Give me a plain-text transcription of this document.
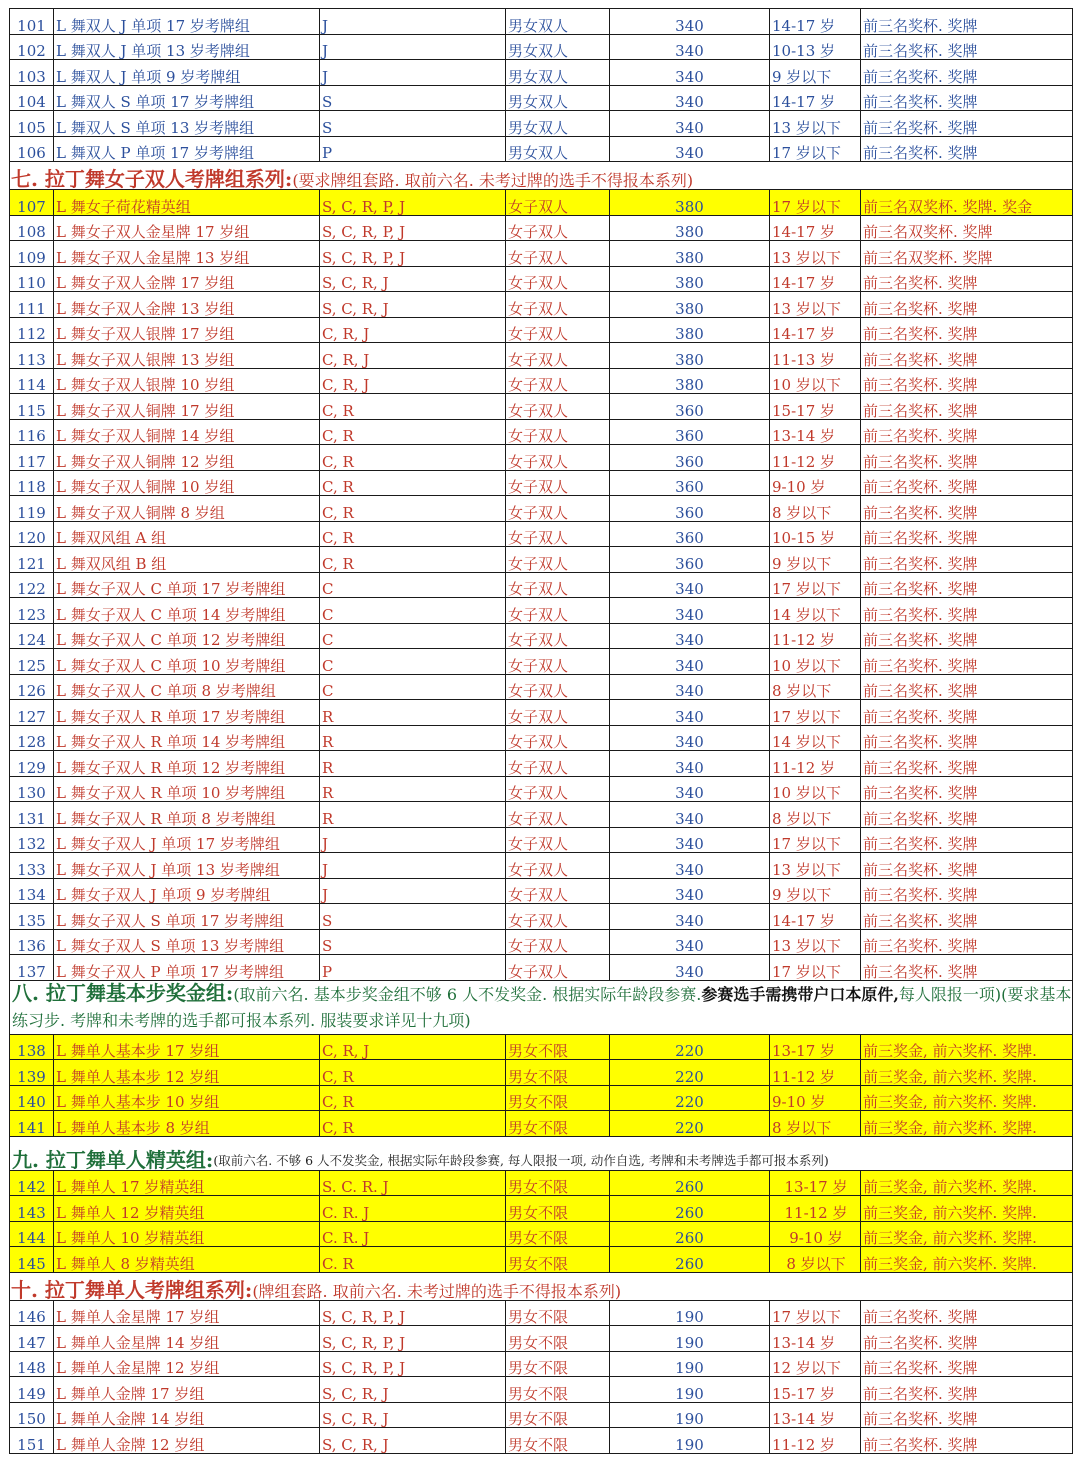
101	L 舞双人 J 单项 17 岁考牌组	J	男女双人	340	14-17 岁	前三名奖杯. 奖牌
102	L 舞双人 J 单项 13 岁考牌组	J	男女双人	340	10-13 岁	前三名奖杯. 奖牌
103	L 舞双人 J 单项 9 岁考牌组	J	男女双人	340	9 岁以下	前三名奖杯. 奖牌
104	L 舞双人 S 单项 17 岁考牌组	S	男女双人	340	14-17 岁	前三名奖杯. 奖牌
105	L 舞双人 S 单项 13 岁考牌组	S	男女双人	340	13 岁以下	前三名奖杯. 奖牌
106	L 舞双人 P 单项 17 岁考牌组	P	男女双人	340	17 岁以下	前三名奖杯. 奖牌
七. 拉丁舞女子双人考牌组系列:(要求牌组套路. 取前六名. 未考过牌的选手不得报本系列)						
107	L 舞女子荷花精英组	S, C, R, P, J	女子双人	380	17 岁以下	前三名双奖杯. 奖牌. 奖金
108	L 舞女子双人金星牌 17 岁组	S, C, R, P, J	女子双人	380	14-17 岁	前三名双奖杯. 奖牌
109	L 舞女子双人金星牌 13 岁组	S, C, R, P, J	女子双人	380	13 岁以下	前三名双奖杯. 奖牌
110	L 舞女子双人金牌 17 岁组	S, C, R, J	女子双人	380	14-17 岁	前三名奖杯. 奖牌
111	L 舞女子双人金牌 13 岁组	S, C, R, J	女子双人	380	13 岁以下	前三名奖杯. 奖牌
112	L 舞女子双人银牌 17 岁组	C, R, J	女子双人	380	14-17 岁	前三名奖杯. 奖牌
113	L 舞女子双人银牌 13 岁组	C, R, J	女子双人	380	11-13 岁	前三名奖杯. 奖牌
114	L 舞女子双人银牌 10 岁组	C, R, J	女子双人	380	10 岁以下	前三名奖杯. 奖牌
115	L 舞女子双人铜牌 17 岁组	C, R	女子双人	360	15-17 岁	前三名奖杯. 奖牌
116	L 舞女子双人铜牌 14 岁组	C, R	女子双人	360	13-14 岁	前三名奖杯. 奖牌
117	L 舞女子双人铜牌 12 岁组	C, R	女子双人	360	11-12 岁	前三名奖杯. 奖牌
118	L 舞女子双人铜牌 10 岁组	C, R	女子双人	360	9-10 岁	前三名奖杯. 奖牌
119	L 舞女子双人铜牌 8 岁组	C, R	女子双人	360	8 岁以下	前三名奖杯. 奖牌
120	L 舞双风组 A 组	C, R	女子双人	360	10-15 岁	前三名奖杯. 奖牌
121	L 舞双风组 B 组	C, R	女子双人	360	9 岁以下	前三名奖杯. 奖牌
122	L 舞女子双人 C 单项 17 岁考牌组	C	女子双人	340	17 岁以下	前三名奖杯. 奖牌
123	L 舞女子双人 C 单项 14 岁考牌组	C	女子双人	340	14 岁以下	前三名奖杯. 奖牌
124	L 舞女子双人 C 单项 12 岁考牌组	C	女子双人	340	11-12 岁	前三名奖杯. 奖牌
125	L 舞女子双人 C 单项 10 岁考牌组	C	女子双人	340	10 岁以下	前三名奖杯. 奖牌
126	L 舞女子双人 C 单项 8 岁考牌组	C	女子双人	340	8 岁以下	前三名奖杯. 奖牌
127	L 舞女子双人 R 单项 17 岁考牌组	R	女子双人	340	17 岁以下	前三名奖杯. 奖牌
128	L 舞女子双人 R 单项 14 岁考牌组	R	女子双人	340	14 岁以下	前三名奖杯. 奖牌
129	L 舞女子双人 R 单项 12 岁考牌组	R	女子双人	340	11-12 岁	前三名奖杯. 奖牌
130	L 舞女子双人 R 单项 10 岁考牌组	R	女子双人	340	10 岁以下	前三名奖杯. 奖牌
131	L 舞女子双人 R 单项 8 岁考牌组	R	女子双人	340	8 岁以下	前三名奖杯. 奖牌
132	L 舞女子双人 J 单项 17 岁考牌组	J	女子双人	340	17 岁以下	前三名奖杯. 奖牌
133	L 舞女子双人 J 单项 13 岁考牌组	J	女子双人	340	13 岁以下	前三名奖杯. 奖牌
134	L 舞女子双人 J 单项 9 岁考牌组	J	女子双人	340	9 岁以下	前三名奖杯. 奖牌
135	L 舞女子双人 S 单项 17 岁考牌组	S	女子双人	340	14-17 岁	前三名奖杯. 奖牌
136	L 舞女子双人 S 单项 13 岁考牌组	S	女子双人	340	13 岁以下	前三名奖杯. 奖牌
137	L 舞女子双人 P 单项 17 岁考牌组	P	女子双人	340	17 岁以下	前三名奖杯. 奖牌
八. 拉丁舞基本步奖金组:(取前六名. 基本步奖金组不够 6 人不发奖金. 根据实际年龄段参赛.参赛选手需携带户口本原件,每人限报一项)(要求基本练习步. 考牌和未考牌的选手都可报本系列. 服装要求详见十九项)						
138	L 舞单人基本步 17 岁组	C, R, J	男女不限	220	13-17 岁	前三奖金, 前六奖杯. 奖牌.
139	L 舞单人基本步 12 岁组	C, R	男女不限	220	11-12 岁	前三奖金, 前六奖杯. 奖牌.
140	L 舞单人基本步 10 岁组	C, R	男女不限	220	9-10 岁	前三奖金, 前六奖杯. 奖牌.
141	L 舞单人基本步 8 岁组	C, R	男女不限	220	8 岁以下	前三奖金, 前六奖杯. 奖牌.
九. 拉丁舞单人精英组:$^{(取前六名. 不够 6 人不发奖金, 根据实际年龄段参赛, 每人限报一项, 动作自选, 考牌和未考牌选手都可报本系列)}$
142	L 舞单人 17 岁精英组	S. C. R. J	男女不限	260	13-17 岁	前三奖金, 前六奖杯. 奖牌.
143	L 舞单人 12 岁精英组	C. R. J	男女不限	260	11-12 岁	前三奖金, 前六奖杯. 奖牌.
144	L 舞单人 10 岁精英组	C. R. J	男女不限	260	9-10 岁	前三奖金, 前六奖杯. 奖牌.
145	L 舞单人 8 岁精英组	C. R	男女不限	260	8 岁以下	前三奖金, 前六奖杯. 奖牌.
十. 拉丁舞单人考牌组系列:(牌组套路. 取前六名. 未考过牌的选手不得报本系列)						
146	L 舞单人金星牌 17 岁组	S, C, R, P, J	男女不限	190	17 岁以下	前三名奖杯. 奖牌
147	L 舞单人金星牌 14 岁组	S, C, R, P, J	男女不限	190	13-14 岁	前三名奖杯. 奖牌
148	L 舞单人金星牌 12 岁组	S, C, R, P, J	男女不限	190	12 岁以下	前三名奖杯. 奖牌
149	L 舞单人金牌 17 岁组	S, C, R, J	男女不限	190	15-17 岁	前三名奖杯. 奖牌
150	L 舞单人金牌 14 岁组	S, C, R, J	男女不限	190	13-14 岁	前三名奖杯. 奖牌
151	L 舞单人金牌 12 岁组	S, C, R, J	男女不限	190	11-12 岁	前三名奖杯. 奖牌
